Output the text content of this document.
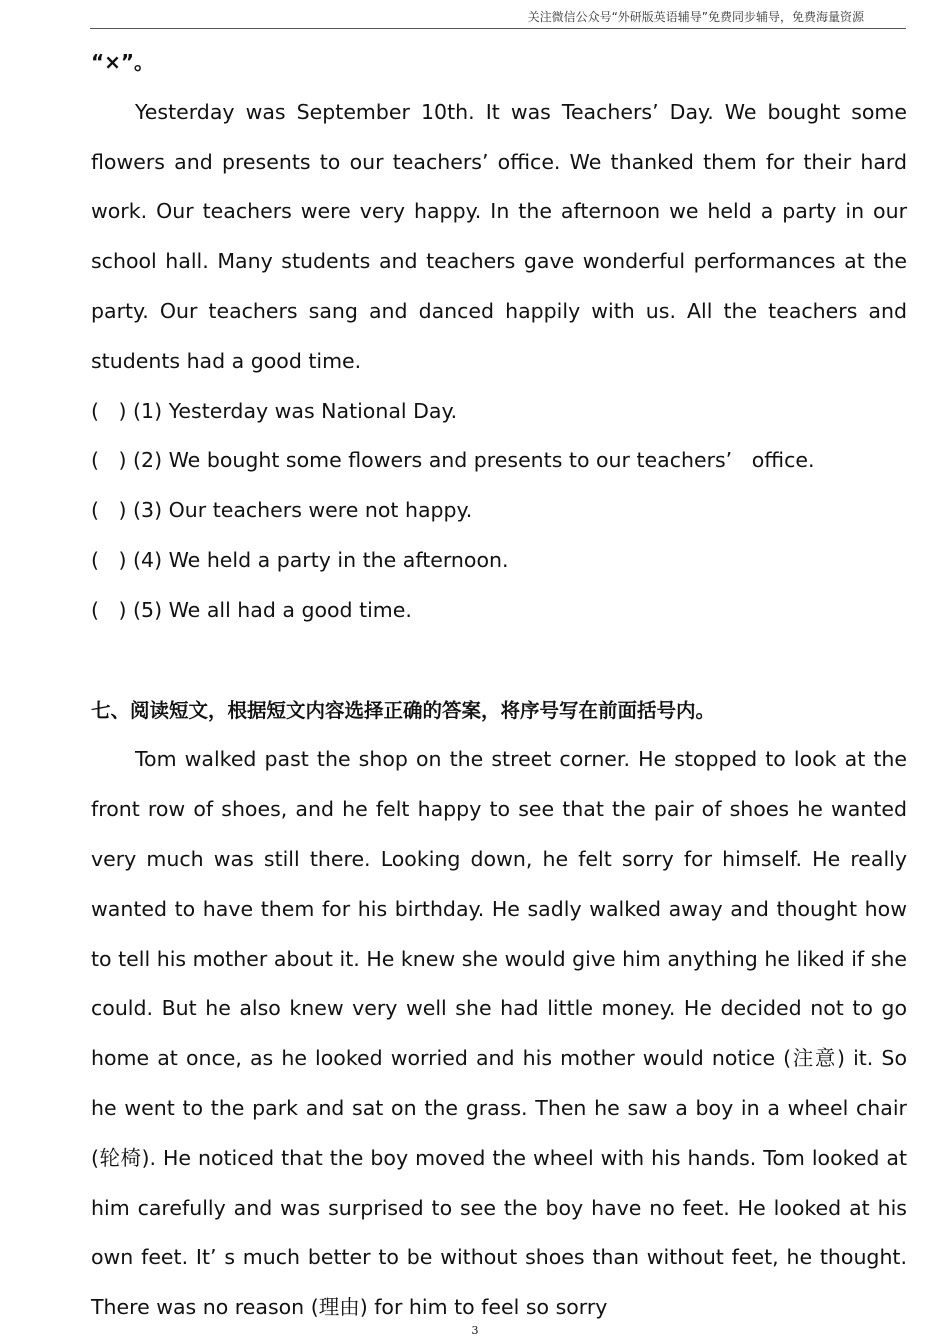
关注微信公众号“外研版英语辅导”免费同步辅导，免费海量资源

“×”。

Yesterday was September 10th. It was Teachers’ Day. We bought some flowers and presents to our teachers’ office. We thanked them for their hard work. Our teachers were very happy. In the afternoon we held a party in our school hall. Many students and teachers gave wonderful performances at the party. Our teachers sang and danced happily with us. All the teachers and students had a good time.

(   ) (1) Yesterday was National Day.

(   ) (2) We bought some flowers and presents to our teachers’   office.

(   ) (3) Our teachers were not happy.

(   ) (4) We held a party in the afternoon.

(   ) (5) We all had a good time.

七、阅读短文，根据短文内容选择正确的答案，将序号写在前面括号内。

Tom walked past the shop on the street corner. He stopped to look at the front row of shoes, and he felt happy to see that the pair of shoes he wanted very much was still there. Looking down, he felt sorry for himself. He really wanted to have them for his birthday. He sadly walked away and thought how to tell his mother about it. He knew she would give him anything he liked if she could. But he also knew very well she had little money. He decided not to go home at once, as he looked worried and his mother would notice (注意) it. So he went to the park and sat on the grass. Then he saw a boy in a wheel chair (轮椅). He noticed that the boy moved the wheel with his hands. Tom looked at him carefully and was surprised to see the boy have no feet. He looked at his own feet. It’ s much better to be without shoes than without feet, he thought. There was no reason (理由) for him to feel so sorry

3
